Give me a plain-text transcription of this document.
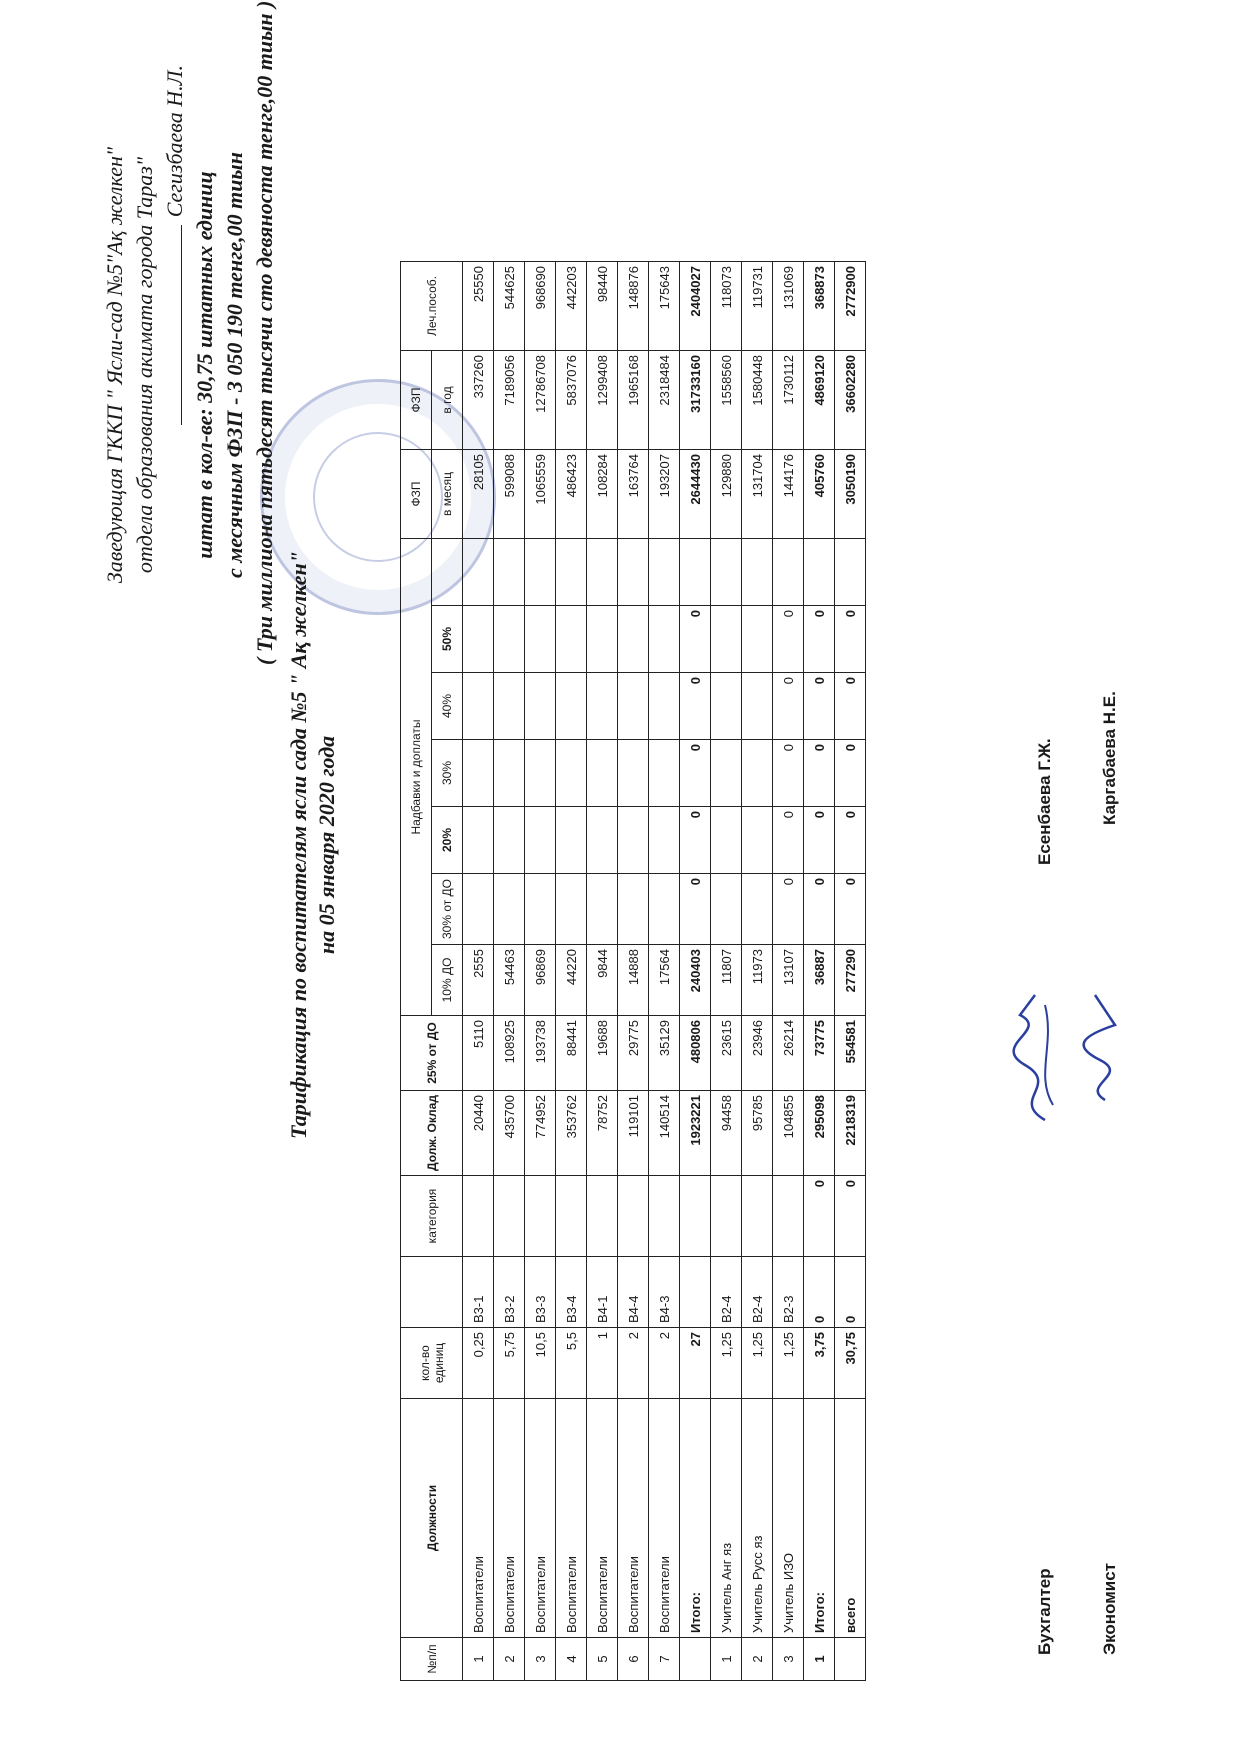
Заведующая ГККП " Ясли-сад №5"Ақ желкен" отдела образования акимата города Тараз"
Сегизбаева Н.Л.
штат в кол-ве: 30,75 штатных единиц с месячным ФЗП - 3 050 190 тенге,00 тиын ( Три миллиона пятьдесят тысячи сто девяноста тенге,00 тиын )
Тарификация по воспитателям ясли сада №5 " Ақ желкен" на 05 января 2020 года
№п/п	Должности	кол-во единиц		категория	Долж. Оклад	25% от ДО	Надбавки и доплаты							ФЗП	ФЗП	Леч.пособ.
							10% ДО	30% от ДО	20%	30%	40%	50%		в месяц	в год	
1	Воспитатели	0,25	В3-1		20440	5110	2555							28105	337260	25550
2	Воспитатели	5,75	В3-2		435700	108925	54463							599088	7189056	544625
3	Воспитатели	10,5	В3-3		774952	193738	96869							1065559	12786708	968690
4	Воспитатели	5,5	В3-4		353762	88441	44220							486423	5837076	442203
5	Воспитатели	1	В4-1		78752	19688	9844							108284	1299408	98440
6	Воспитатели	2	В4-4		119101	29775	14888							163764	1965168	148876
7	Воспитатели	2	В4-3		140514	35129	17564							193207	2318484	175643
	Итого:	27			1923221	480806	240403	0	0	0	0	0		2644430	31733160	2404027
1	Учитель Анг яз	1,25	В2-4		94458	23615	11807							129880	1558560	118073
2	Учитель Русс яз	1,25	В2-4		95785	23946	11973							131704	1580448	119731
3	Учитель ИЗО	1,25	В2-3		104855	26214	13107	0	0	0	0	0		144176	1730112	131069
1	Итого:	3,75	0	0	295098	73775	36887	0	0	0	0	0		405760	4869120	368873
	всего	30,75	0	0	2218319	554581	277290	0	0	0	0	0		3050190	36602280	2772900
Бухгалтер
Есенбаева Г.Ж.
Экономист
Каргабаева Н.Е.
